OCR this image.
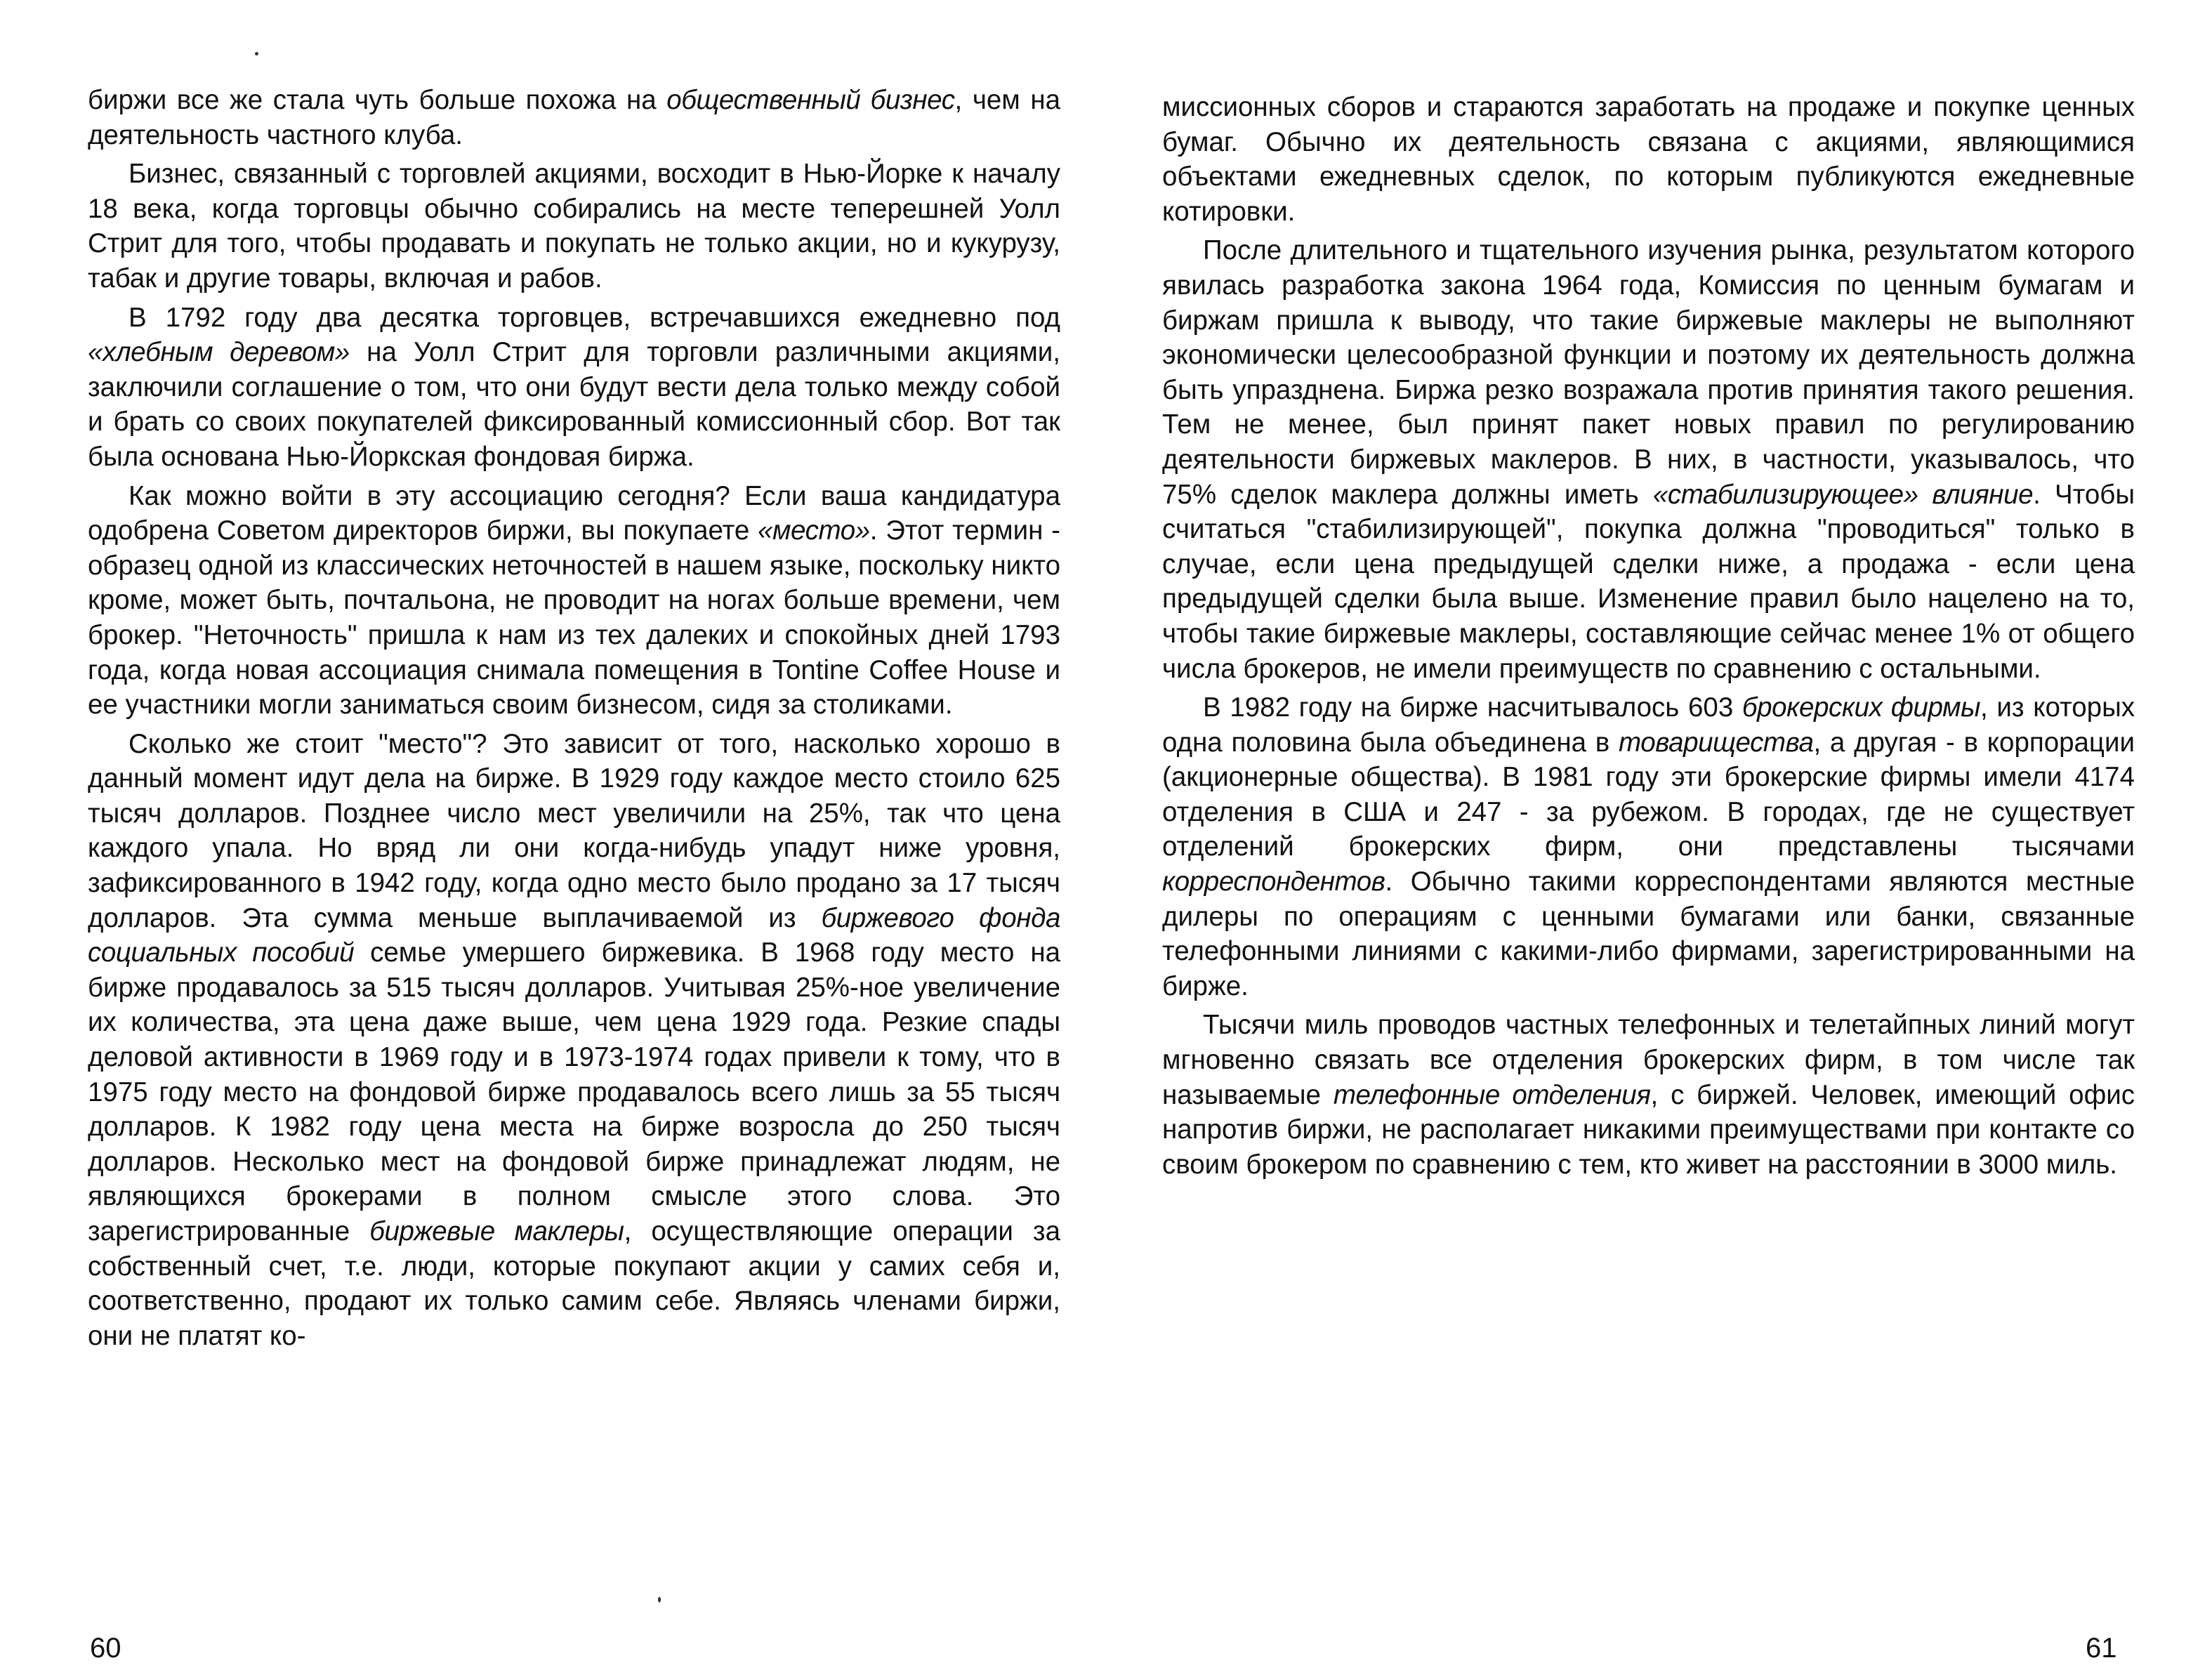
биржи все же стала чуть больше похожа на общественный бизнес, чем на деятельность частного клуба.

Бизнес, связанный с торговлей акциями, восходит в Нью-Йорке к началу 18 века, когда торговцы обычно собирались на месте теперешней Уолл Стрит для того, чтобы продавать и покупать не только акции, но и кукурузу, табак и другие товары, включая и рабов.

В 1792 году два десятка торговцев, встречавшихся ежедневно под «хлебным деревом» на Уолл Стрит для торговли различными акциями, заключили соглашение о том, что они будут вести дела только между собой и брать со своих покупателей фиксированный комиссионный сбор. Вот так была основана Нью-Йоркская фондовая биржа.

Как можно войти в эту ассоциацию сегодня? Если ваша кандидатура одобрена Советом директоров биржи, вы покупаете «место». Этот термин - образец одной из классических неточностей в нашем языке, поскольку никто кроме, может быть, почтальона, не проводит на ногах больше времени, чем брокер. "Неточность" пришла к нам из тех далеких и спокойных дней 1793 года, когда новая ассоциация снимала помещения в Tontine Coffee House и ее участники могли заниматься своим бизнесом, сидя за столиками.

Сколько же стоит "место"? Это зависит от того, насколько хорошо в данный момент идут дела на бирже. В 1929 году каждое место стоило 625 тысяч долларов. Позднее число мест увеличили на 25%, так что цена каждого упала. Но вряд ли они когда-нибудь упадут ниже уровня, зафиксированного в 1942 году, когда одно место было продано за 17 тысяч долларов. Эта сумма меньше выплачиваемой из биржевого фонда социальных пособий семье умершего биржевика. В 1968 году место на бирже продавалось за 515 тысяч долларов. Учитывая 25%-ное увеличение их количества, эта цена даже выше, чем цена 1929 года. Резкие спады деловой активности в 1969 году и в 1973-1974 годах привели к тому, что в 1975 году место на фондовой бирже продавалось всего лишь за 55 тысяч долларов. К 1982 году цена места на бирже возросла до 250 тысяч долларов. Несколько мест на фондовой бирже принадлежат людям, не являющихся брокерами в полном смысле этого слова. Это зарегистрированные биржевые маклеры, осуществляющие операции за собственный счет, т.е. люди, которые покупают акции у самих себя и, соответственно, продают их только самим себе. Являясь членами биржи, они не платят ко-

60

миссионных сборов и стараются заработать на продаже и покупке ценных бумаг. Обычно их деятельность связана с акциями, являющимися объектами ежедневных сделок, по которым публикуются ежедневные котировки.

После длительного и тщательного изучения рынка, результатом которого явилась разработка закона 1964 года, Комиссия по ценным бумагам и биржам пришла к выводу, что такие биржевые маклеры не выполняют экономически целесообразной функции и поэтому их деятельность должна быть упразднена. Биржа резко возражала против принятия такого решения. Тем не менее, был принят пакет новых правил по регулированию деятельности биржевых маклеров. В них, в частности, указывалось, что 75% сделок маклера должны иметь «стабилизирующее» влияние. Чтобы считаться "стабилизирующей", покупка должна "проводиться" только в случае, если цена предыдущей сделки ниже, а продажа - если цена предыдущей сделки была выше. Изменение правил было нацелено на то, чтобы такие биржевые маклеры, составляющие сейчас менее 1% от общего числа брокеров, не имели преимуществ по сравнению с остальными.

В 1982 году на бирже насчитывалось 603 брокерских фирмы, из которых одна половина была объединена в товарищества, а другая - в корпорации (акционерные общества). В 1981 году эти брокерские фирмы имели 4174 отделения в США и 247 - за рубежом. В городах, где не существует отделений брокерских фирм, они представлены тысячами корреспондентов. Обычно такими корреспондентами являются местные дилеры по операциям с ценными бумагами или банки, связанные телефонными линиями с какими-либо фирмами, зарегистрированными на бирже.

Тысячи миль проводов частных телефонных и телетайпных линий могут мгновенно связать все отделения брокерских фирм, в том числе так называемые телефонные отделения, с биржей. Человек, имеющий офис напротив биржи, не располагает никакими преимуществами при контакте со своим брокером по сравнению с тем, кто живет на расстоянии в 3000 миль.

61
